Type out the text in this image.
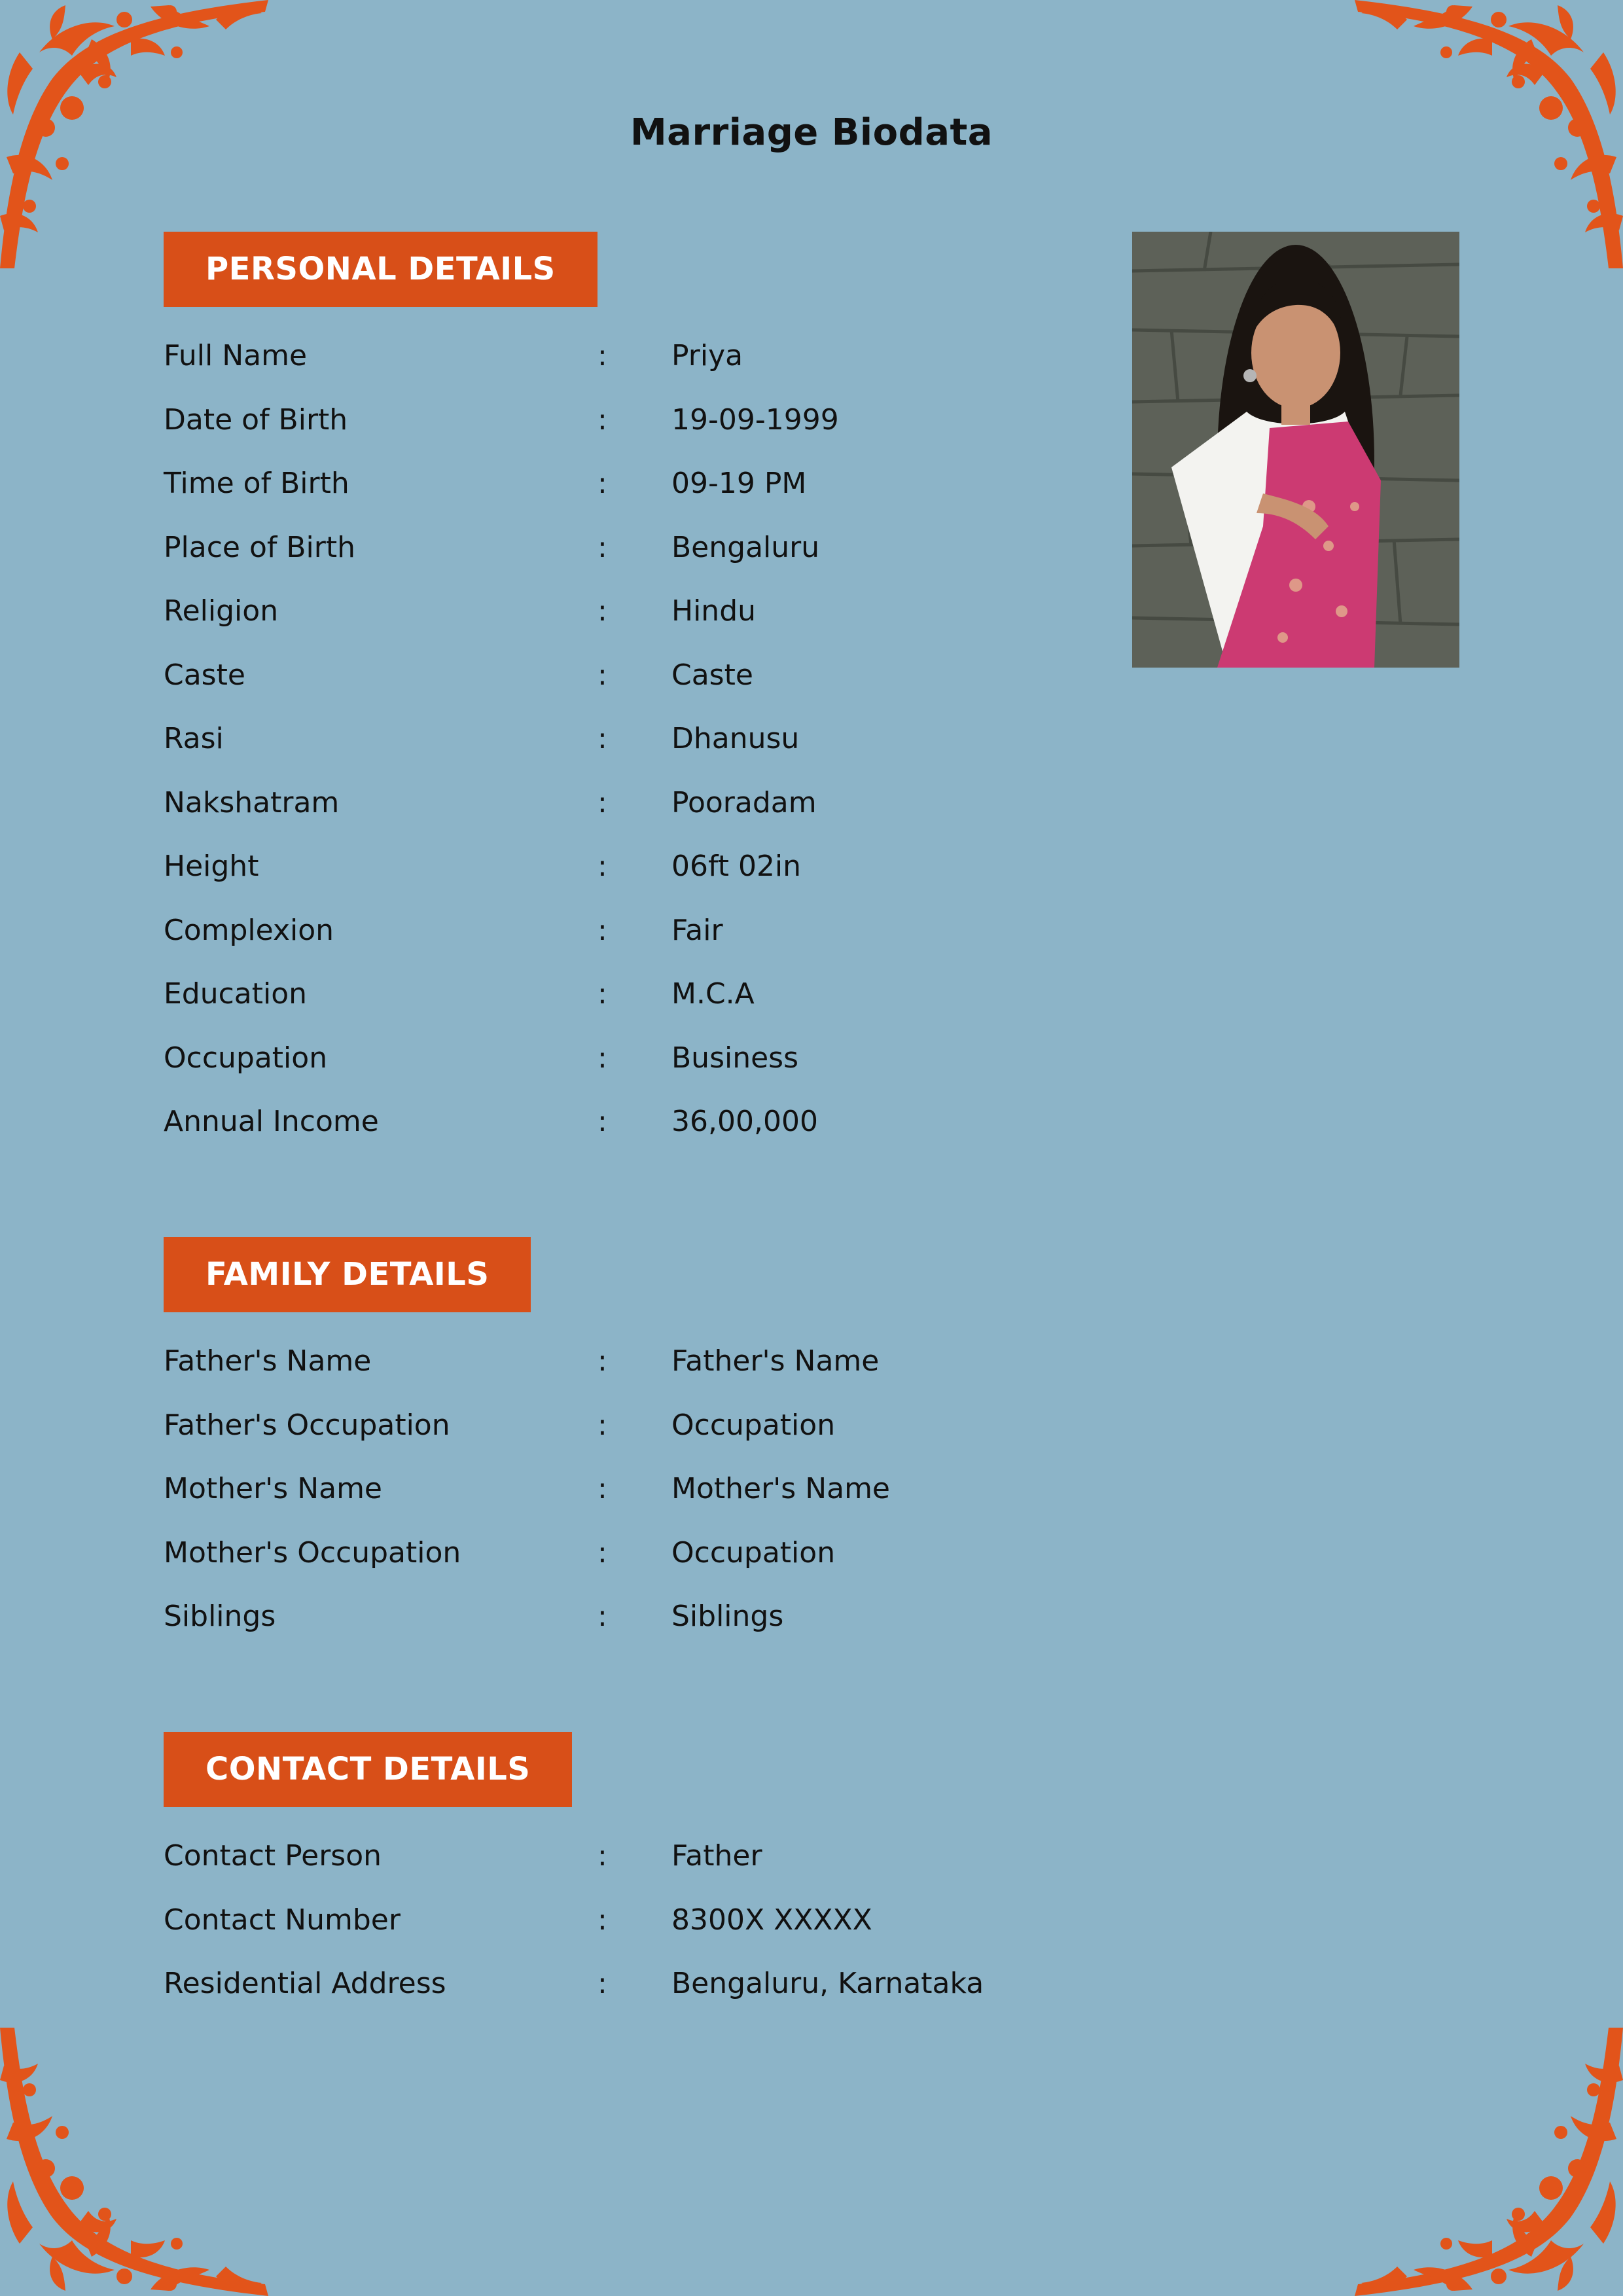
Marriage Biodata
PERSONAL DETAILS
Full Name	: Priya
Date of Birth	: 19-09-1999
Time of Birth	: 09-19 PM
Place of Birth	: Bengaluru
Religion	: Hindu
Caste	: Caste
Rasi	: Dhanusu
Nakshatram	: Pooradam
Height	: 06ft 02in
Complexion	: Fair
Education	: M.C.A
Occupation	: Business
Annual Income	: 36,00,000
FAMILY DETAILS
Father's Name	: Father's Name
Father's Occupation	: Occupation
Mother's Name	: Mother's Name
Mother's Occupation	: Occupation
Siblings	: Siblings
CONTACT DETAILS
Contact Person	: Father
Contact Number	: 8300X XXXXX
Residential Address	: Bengaluru, Karnataka
